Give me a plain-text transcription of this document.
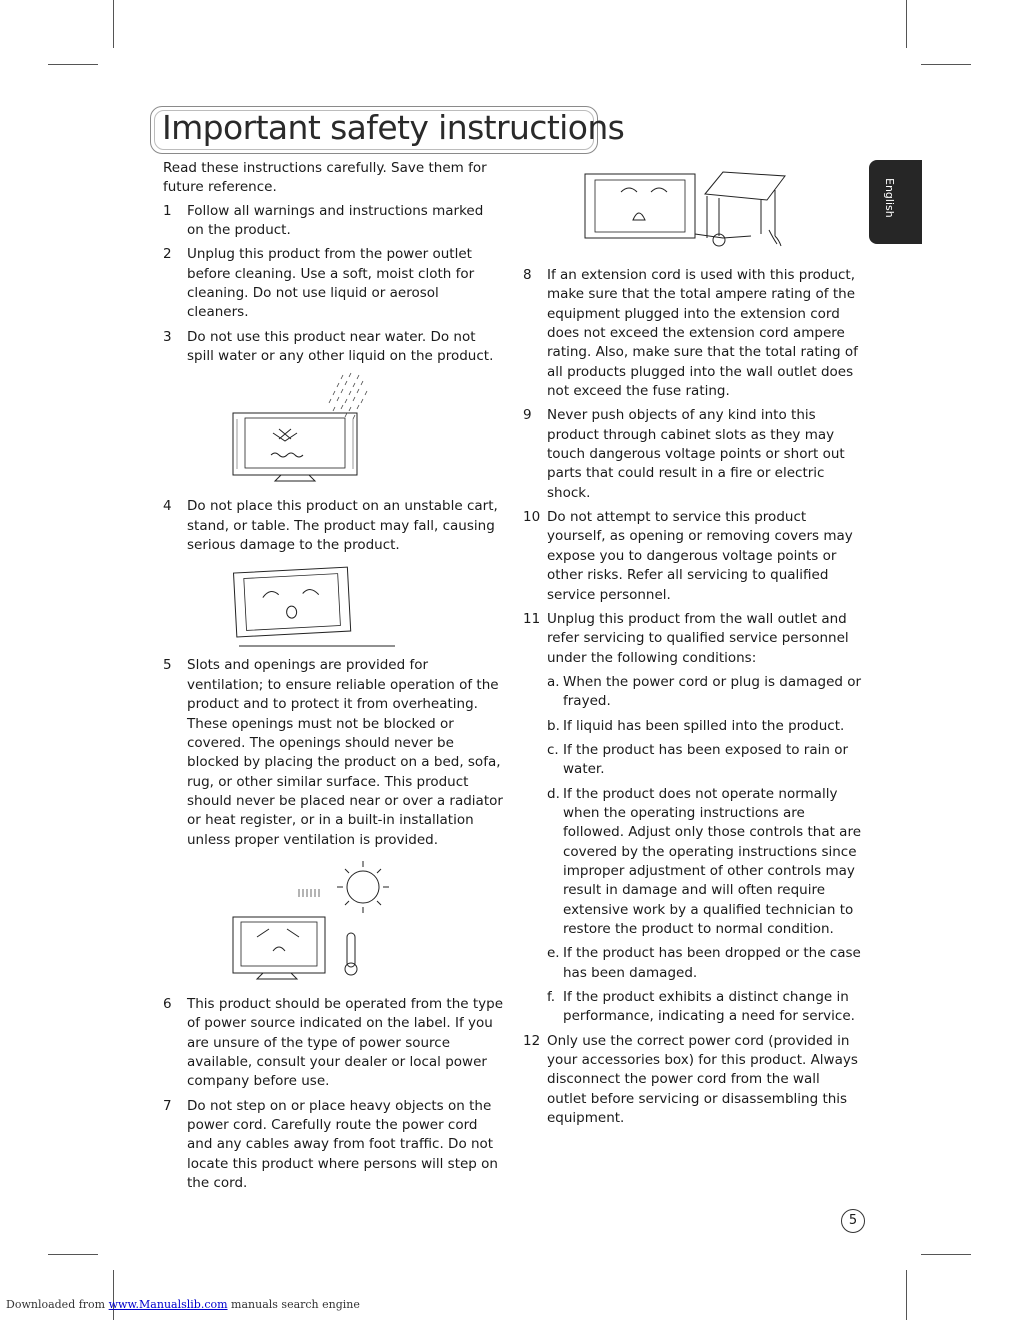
Important safety instructions
English

Read these instructions carefully. Save them for future reference.

1 Follow all warnings and instructions marked on the product.
2 Unplug this product from the power outlet before cleaning. Use a soft, moist cloth for cleaning. Do not use liquid or aerosol cleaners.
3 Do not use this product near water. Do not spill water or any other liquid on the product.
4 Do not place this product on an unstable cart, stand, or table. The product may fall, causing serious damage to the product.
5 Slots and openings are provided for ventilation; to ensure reliable operation of the product and to protect it from overheating. These openings must not be blocked or covered. The openings should never be blocked by placing the product on a bed, sofa, rug, or other similar surface. This product should never be placed near or over a radiator or heat register, or in a built-in installation unless proper ventilation is provided.
6 This product should be operated from the type of power source indicated on the label. If you are unsure of the type of power source available, consult your dealer or local power company before use.
7 Do not step on or place heavy objects on the power cord. Carefully route the power cord and any cables away from foot traffic. Do not locate this product where persons will step on the cord.
8 If an extension cord is used with this product, make sure that the total ampere rating of the equipment plugged into the extension cord does not exceed the extension cord ampere rating. Also, make sure that the total rating of all products plugged into the wall outlet does not exceed the fuse rating.
9 Never push objects of any kind into this product through cabinet slots as they may touch dangerous voltage points or short out parts that could result in a fire or electric shock.
10 Do not attempt to service this product yourself, as opening or removing covers may expose you to dangerous voltage points or other risks. Refer all servicing to qualified service personnel.
11 Unplug this product from the wall outlet and refer servicing to qualified service personnel under the following conditions:
a. When the power cord or plug is damaged or frayed.
b. If liquid has been spilled into the product.
c. If the product has been exposed to rain or water.
d. If the product does not operate normally when the operating instructions are followed. Adjust only those controls that are covered by the operating instructions since improper adjustment of other controls may result in damage and will often require extensive work by a qualified technician to restore the product to normal condition.
e. If the product has been dropped or the case has been damaged.
f. If the product exhibits a distinct change in performance, indicating a need for service.
12 Only use the correct power cord (provided in your accessories box) for this product. Always disconnect the power cord from the wall outlet before servicing or disassembling this equipment.
5
Downloaded from www.Manualslib.com manuals search engine
